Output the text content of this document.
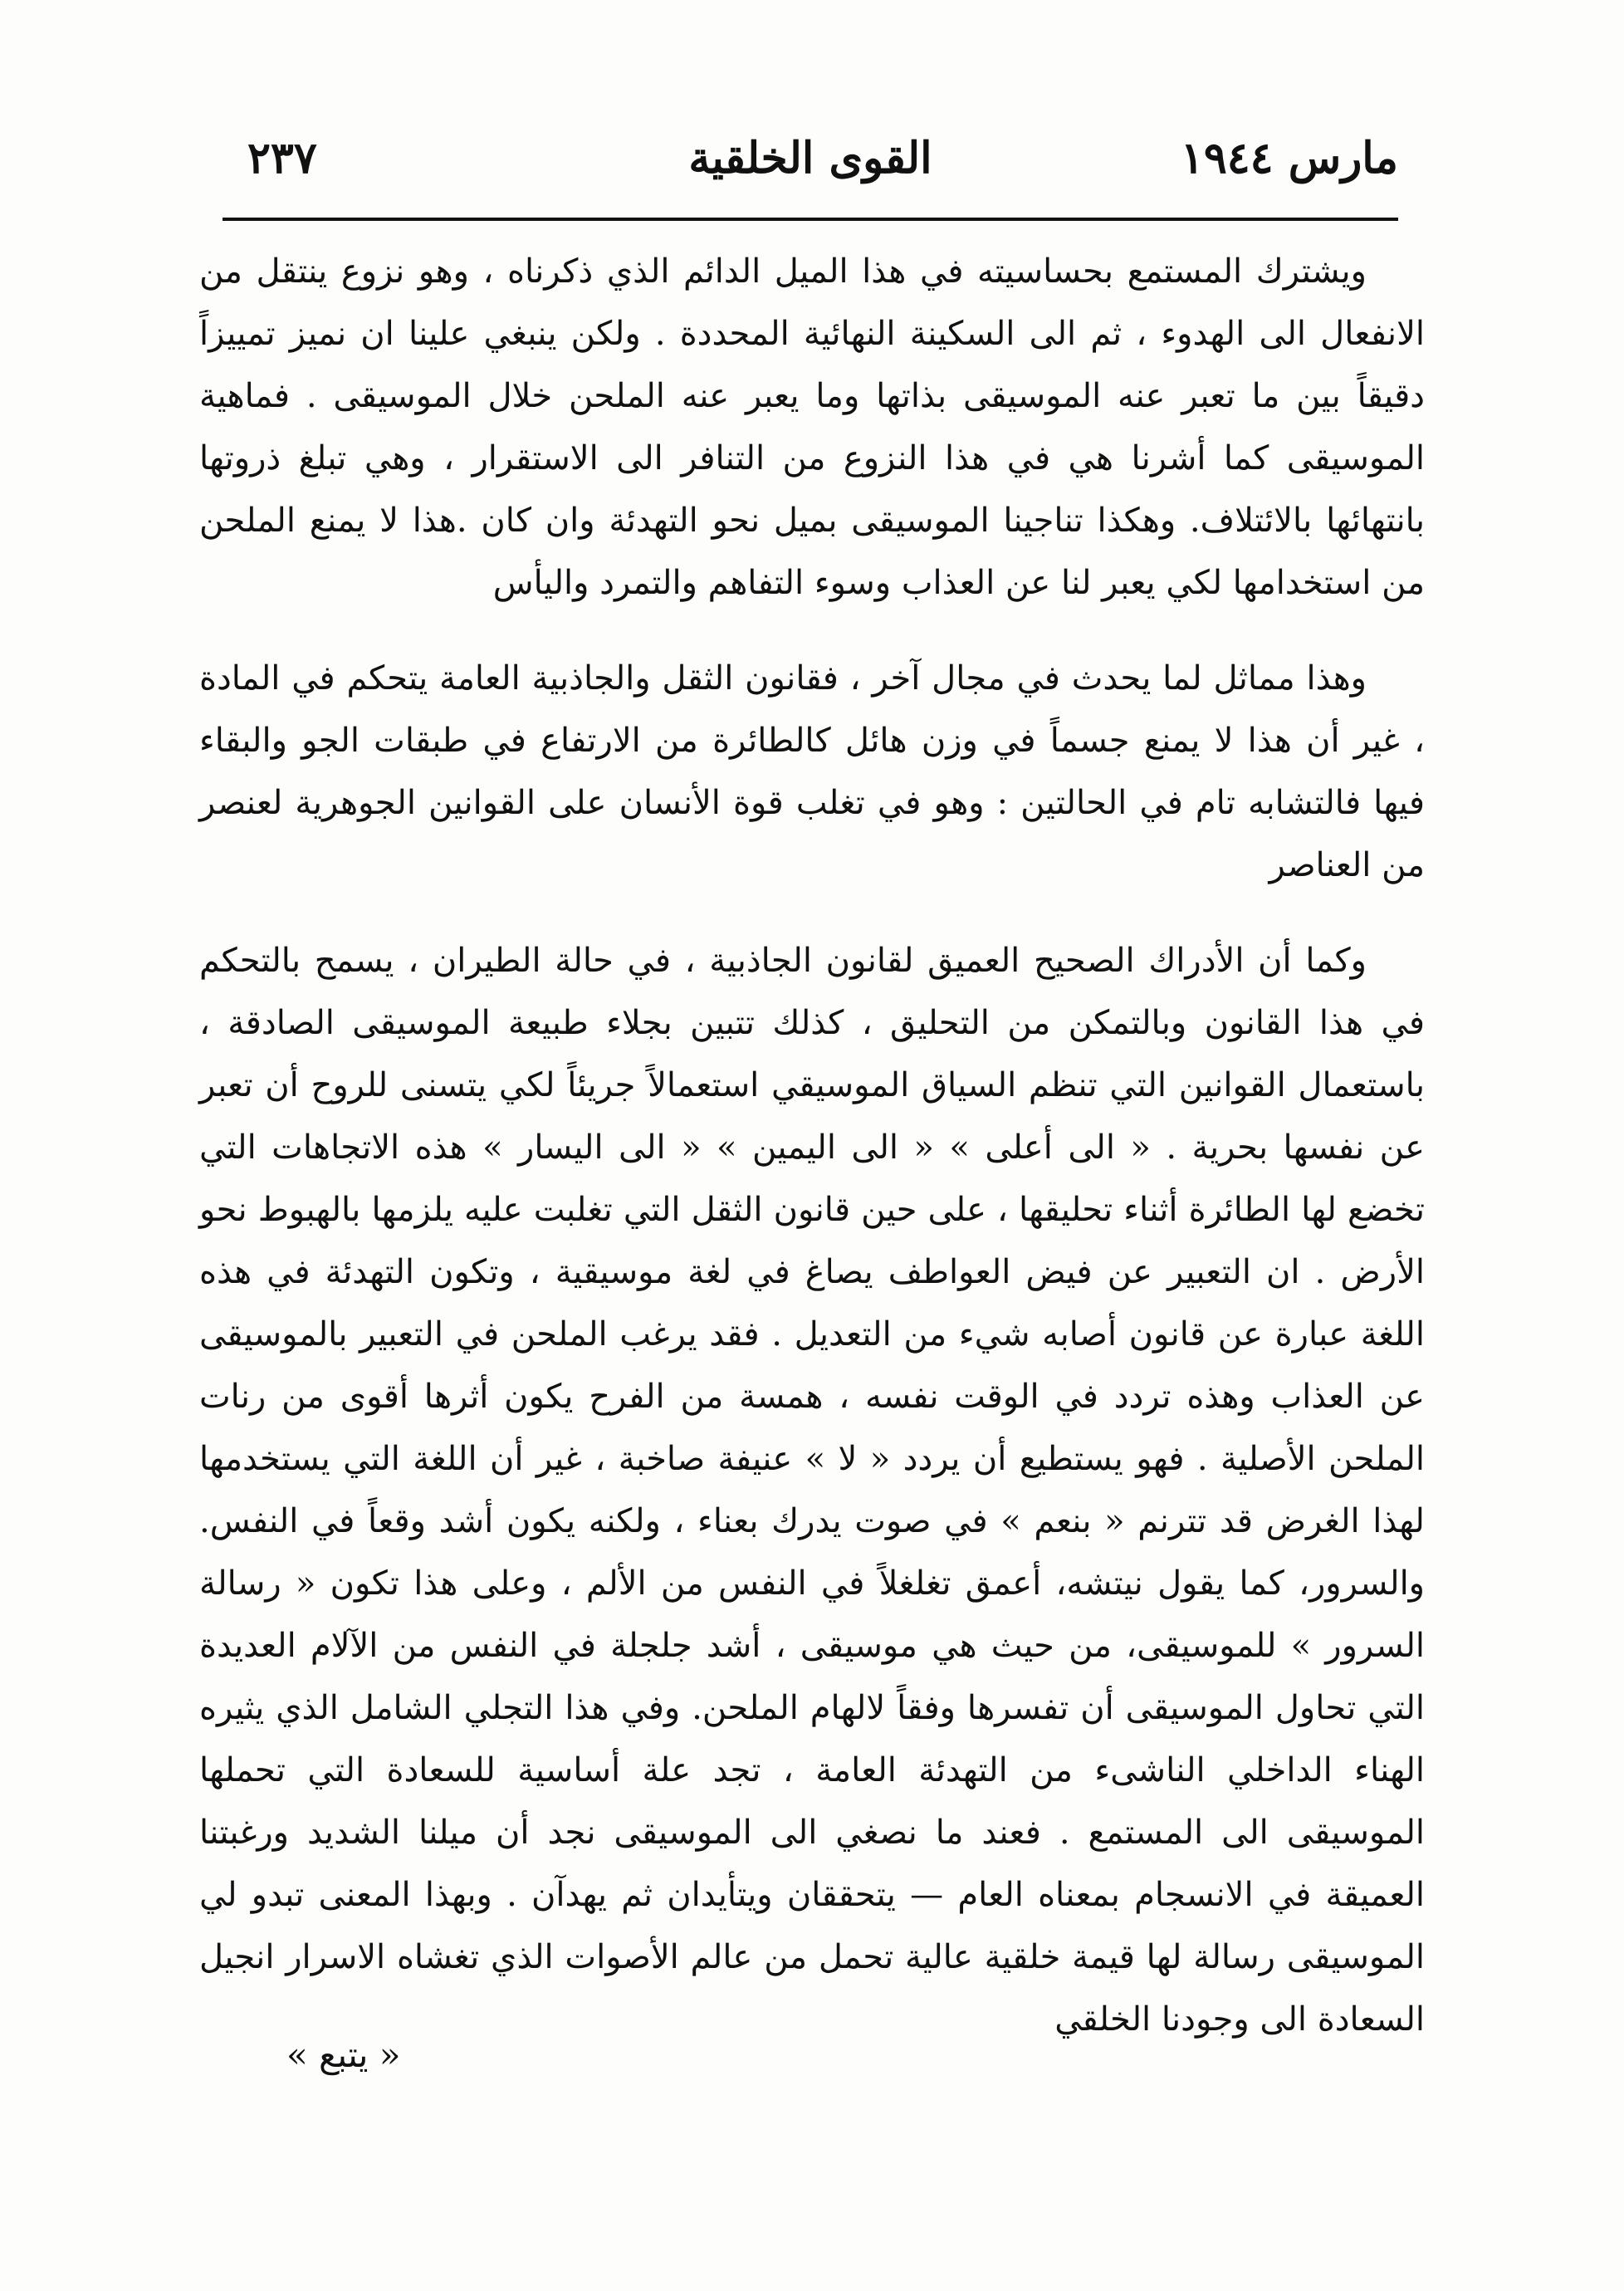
مارس ١٩٤٤
القوى الخلقية
٢٣٧

ويشترك المستمع بحساسيته في هذا الميل الدائم الذي ذكرناه ، وهو نزوع ينتقل من الانفعال الى الهدوء ، ثم الى السكينة النهائية المحددة . ولكن ينبغي علينا ان نميز تمييزاً دقيقاً بين ما تعبر عنه الموسيقى بذاتها وما يعبر عنه الملحن خلال الموسيقى . فماهية الموسيقى كما أشرنا هي في هذا النزوع من التنافر الى الاستقرار ، وهي تبلغ ذروتها بانتهائها بالائتلاف. وهكذا تناجينا الموسيقى بميل نحو التهدئة وان كان .هذا لا يمنع الملحن من استخدامها لكي يعبر لنا عن العذاب وسوء التفاهم والتمرد واليأس

وهذا مماثل لما يحدث في مجال آخر ، فقانون الثقل والجاذبية العامة يتحكم في المادة ، غير أن هذا لا يمنع جسماً في وزن هائل كالطائرة من الارتفاع في طبقات الجو والبقاء فيها فالتشابه تام في الحالتين : وهو في تغلب قوة الأنسان على القوانين الجوهرية لعنصر من العناصر

وكما أن الأدراك الصحيح العميق لقانون الجاذبية ، في حالة الطيران ، يسمح بالتحكم في هذا القانون وبالتمكن من التحليق ، كذلك تتبين بجلاء طبيعة الموسيقى الصادقة ، باستعمال القوانين التي تنظم السياق الموسيقي استعمالاً جريئاً لكي يتسنى للروح أن تعبر عن نفسها بحرية . « الى أعلى » « الى اليمين » « الى اليسار » هذه الاتجاهات التي تخضع لها الطائرة أثناء تحليقها ، على حين قانون الثقل التي تغلبت عليه يلزمها بالهبوط نحو الأرض . ان التعبير عن فيض العواطف يصاغ في لغة موسيقية ، وتكون التهدئة في هذه اللغة عبارة عن قانون أصابه شيء من التعديل . فقد يرغب الملحن في التعبير بالموسيقى عن العذاب وهذه تردد في الوقت نفسه ، همسة من الفرح يكون أثرها أقوى من رنات الملحن الأصلية . فهو يستطيع أن يردد « لا » عنيفة صاخبة ، غير أن اللغة التي يستخدمها لهذا الغرض قد تترنم « بنعم » في صوت يدرك بعناء ، ولكنه يكون أشد وقعاً في النفس. والسرور، كما يقول نيتشه، أعمق تغلغلاً في النفس من الألم ، وعلى هذا تكون « رسالة السرور » للموسيقى، من حيث هي موسيقى ، أشد جلجلة في النفس من الآلام العديدة التي تحاول الموسيقى أن تفسرها وفقاً لالهام الملحن. وفي هذا التجلي الشامل الذي يثيره الهناء الداخلي الناشىء من التهدئة العامة ، تجد علة أساسية للسعادة التي تحملها الموسيقى الى المستمع . فعند ما نصغي الى الموسيقى نجد أن ميلنا الشديد ورغبتنا العميقة في الانسجام بمعناه العام — يتحققان ويتأيدان ثم يهدآن . وبهذا المعنى تبدو لي الموسيقى رسالة لها قيمة خلقية عالية تحمل من عالم الأصوات الذي تغشاه الاسرار انجيل السعادة الى وجودنا الخلقي

« يتبع »
